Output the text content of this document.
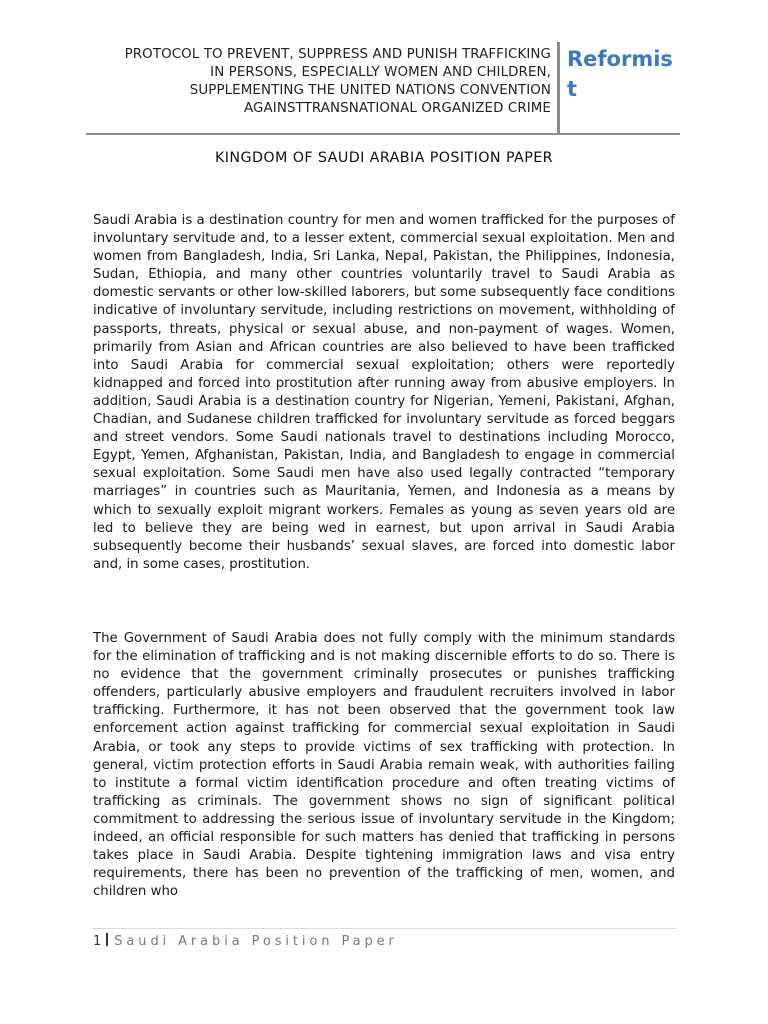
PROTOCOL TO PREVENT, SUPPRESS AND PUNISH TRAFFICKING
IN PERSONS, ESPECIALLY WOMEN AND CHILDREN,
SUPPLEMENTING THE UNITED NATIONS CONVENTION
AGAINSTTRANSNATIONAL ORGANIZED CRIME
Reformist
KINGDOM OF SAUDI ARABIA POSITION PAPER

Saudi Arabia is a destination country for men and women trafficked for the purposes of involuntary servitude and, to a lesser extent, commercial sexual exploitation. Men and women from Bangladesh, India, Sri Lanka, Nepal, Pakistan, the Philippines, Indonesia, Sudan, Ethiopia, and many other countries voluntarily travel to Saudi Arabia as domestic servants or other low-skilled laborers, but some subsequently face conditions indicative of involuntary servitude, including restrictions on movement, withholding of passports, threats, physical or sexual abuse, and non-payment of wages. Women, primarily from Asian and African countries are also believed to have been trafficked into Saudi Arabia for commercial sexual exploitation; others were reportedly kidnapped and forced into prostitution after running away from abusive employers. In addition, Saudi Arabia is a destination country for Nigerian, Yemeni, Pakistani, Afghan, Chadian, and Sudanese children trafficked for involuntary servitude as forced beggars and street vendors. Some Saudi nationals travel to destinations including Morocco, Egypt, Yemen, Afghanistan, Pakistan, India, and Bangladesh to engage in commercial sexual exploitation. Some Saudi men have also used legally contracted “temporary marriages” in countries such as Mauritania, Yemen, and Indonesia as a means by which to sexually exploit migrant workers. Females as young as seven years old are led to believe they are being wed in earnest, but upon arrival in Saudi Arabia subsequently become their husbands’ sexual slaves, are forced into domestic labor and, in some cases, prostitution.

The Government of Saudi Arabia does not fully comply with the minimum standards for the elimination of trafficking and is not making discernible efforts to do so. There is no evidence that the government criminally prosecutes or punishes trafficking offenders, particularly abusive employers and fraudulent recruiters involved in labor trafficking. Furthermore, it has not been observed that the government took law enforcement action against trafficking for commercial sexual exploitation in Saudi Arabia, or took any steps to provide victims of sex trafficking with protection. In general, victim protection efforts in Saudi Arabia remain weak, with authorities failing to institute a formal victim identification procedure and often treating victims of trafficking as criminals. The government shows no sign of significant political commitment to addressing the serious issue of involuntary servitude in the Kingdom; indeed, an official responsible for such matters has denied that trafficking in persons takes place in Saudi Arabia. Despite tightening immigration laws and visa entry requirements, there has been no prevention of the trafficking of men, women, and children who

1 Saudi Arabia Position Paper
